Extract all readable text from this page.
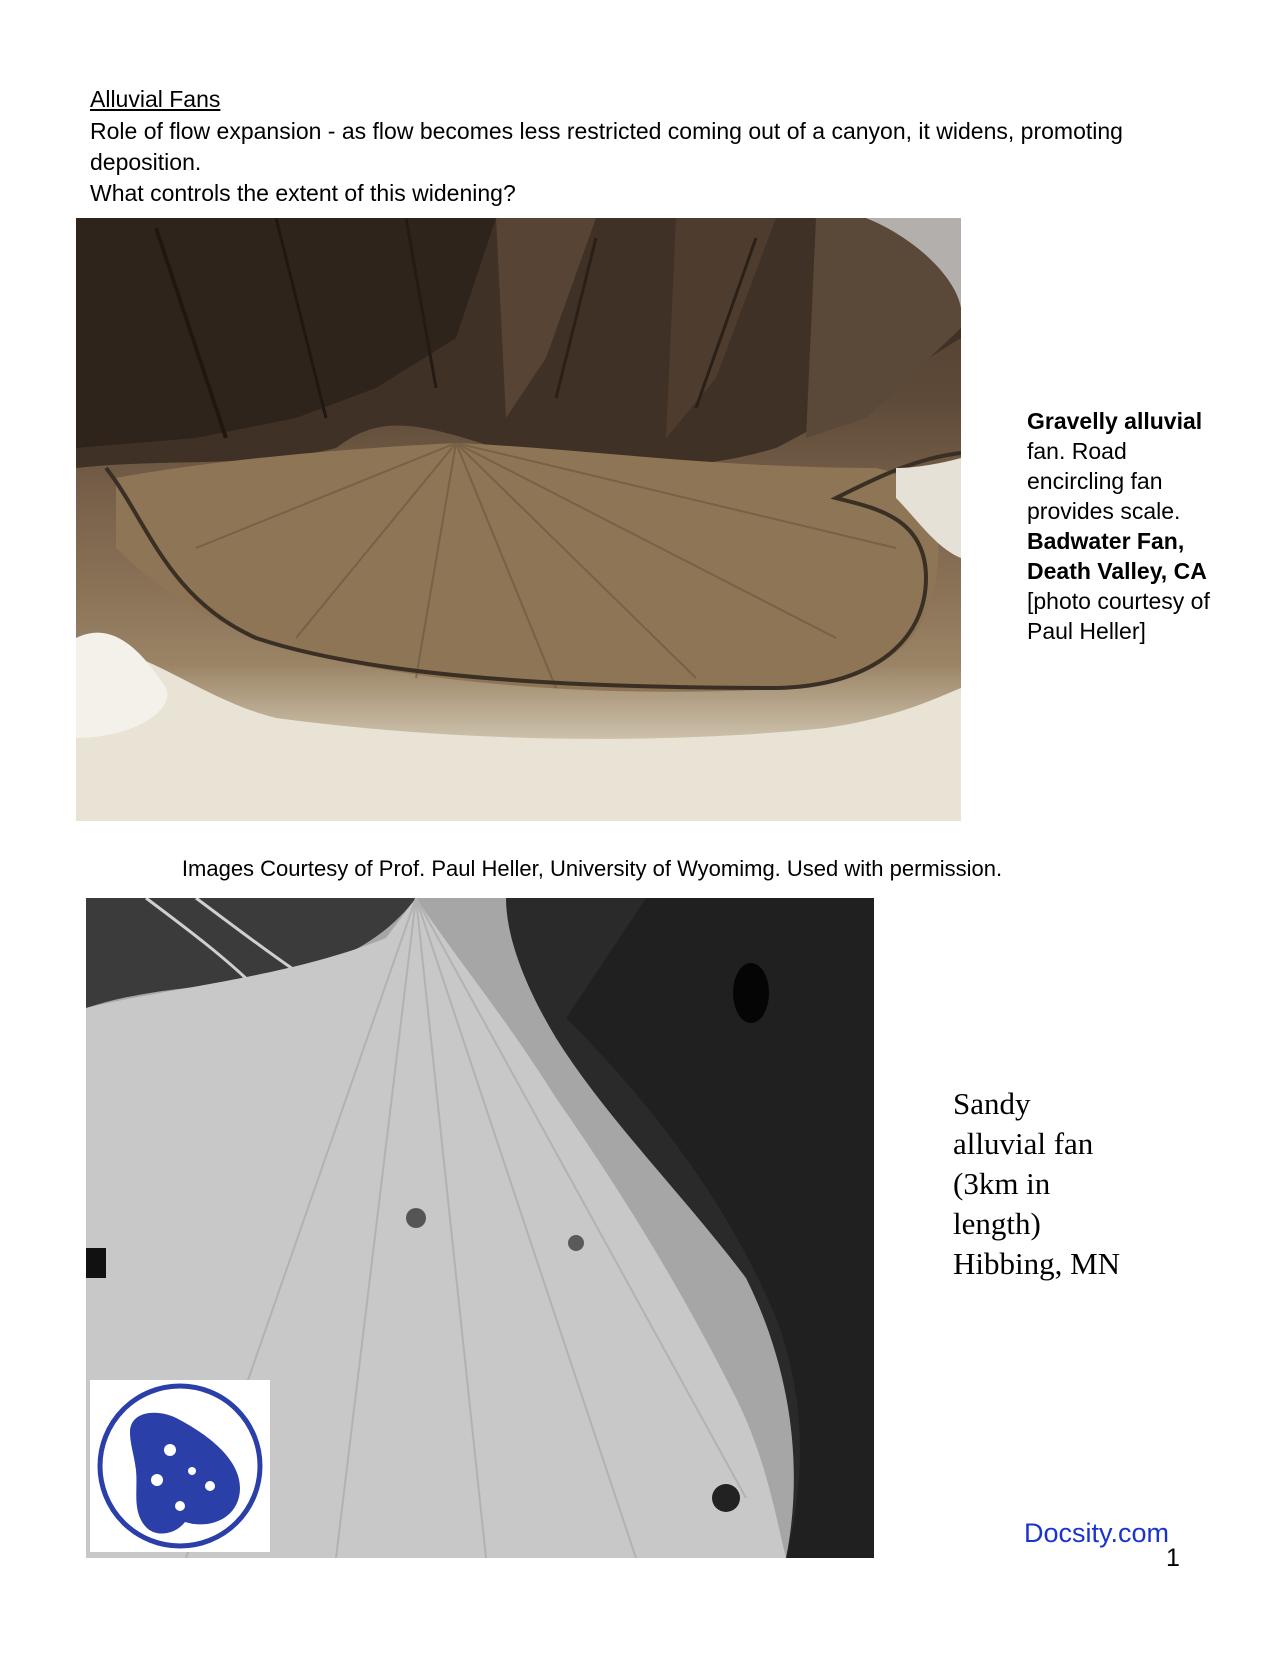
Alluvial Fans

Role of flow expansion - as flow becomes less restricted coming out of a canyon, it widens, promoting deposition.

What controls the extent of this widening?

Gravelly alluvial fan. Road encircling fan provides scale.
Badwater Fan, Death Valley, CA
[photo courtesy of Paul Heller]
Images Courtesy of Prof. Paul Heller, University of Wyomimg. Used with permission.
Sandy
alluvial fan
(3km in
length)
Hibbing, MN
Docsity.com
1
